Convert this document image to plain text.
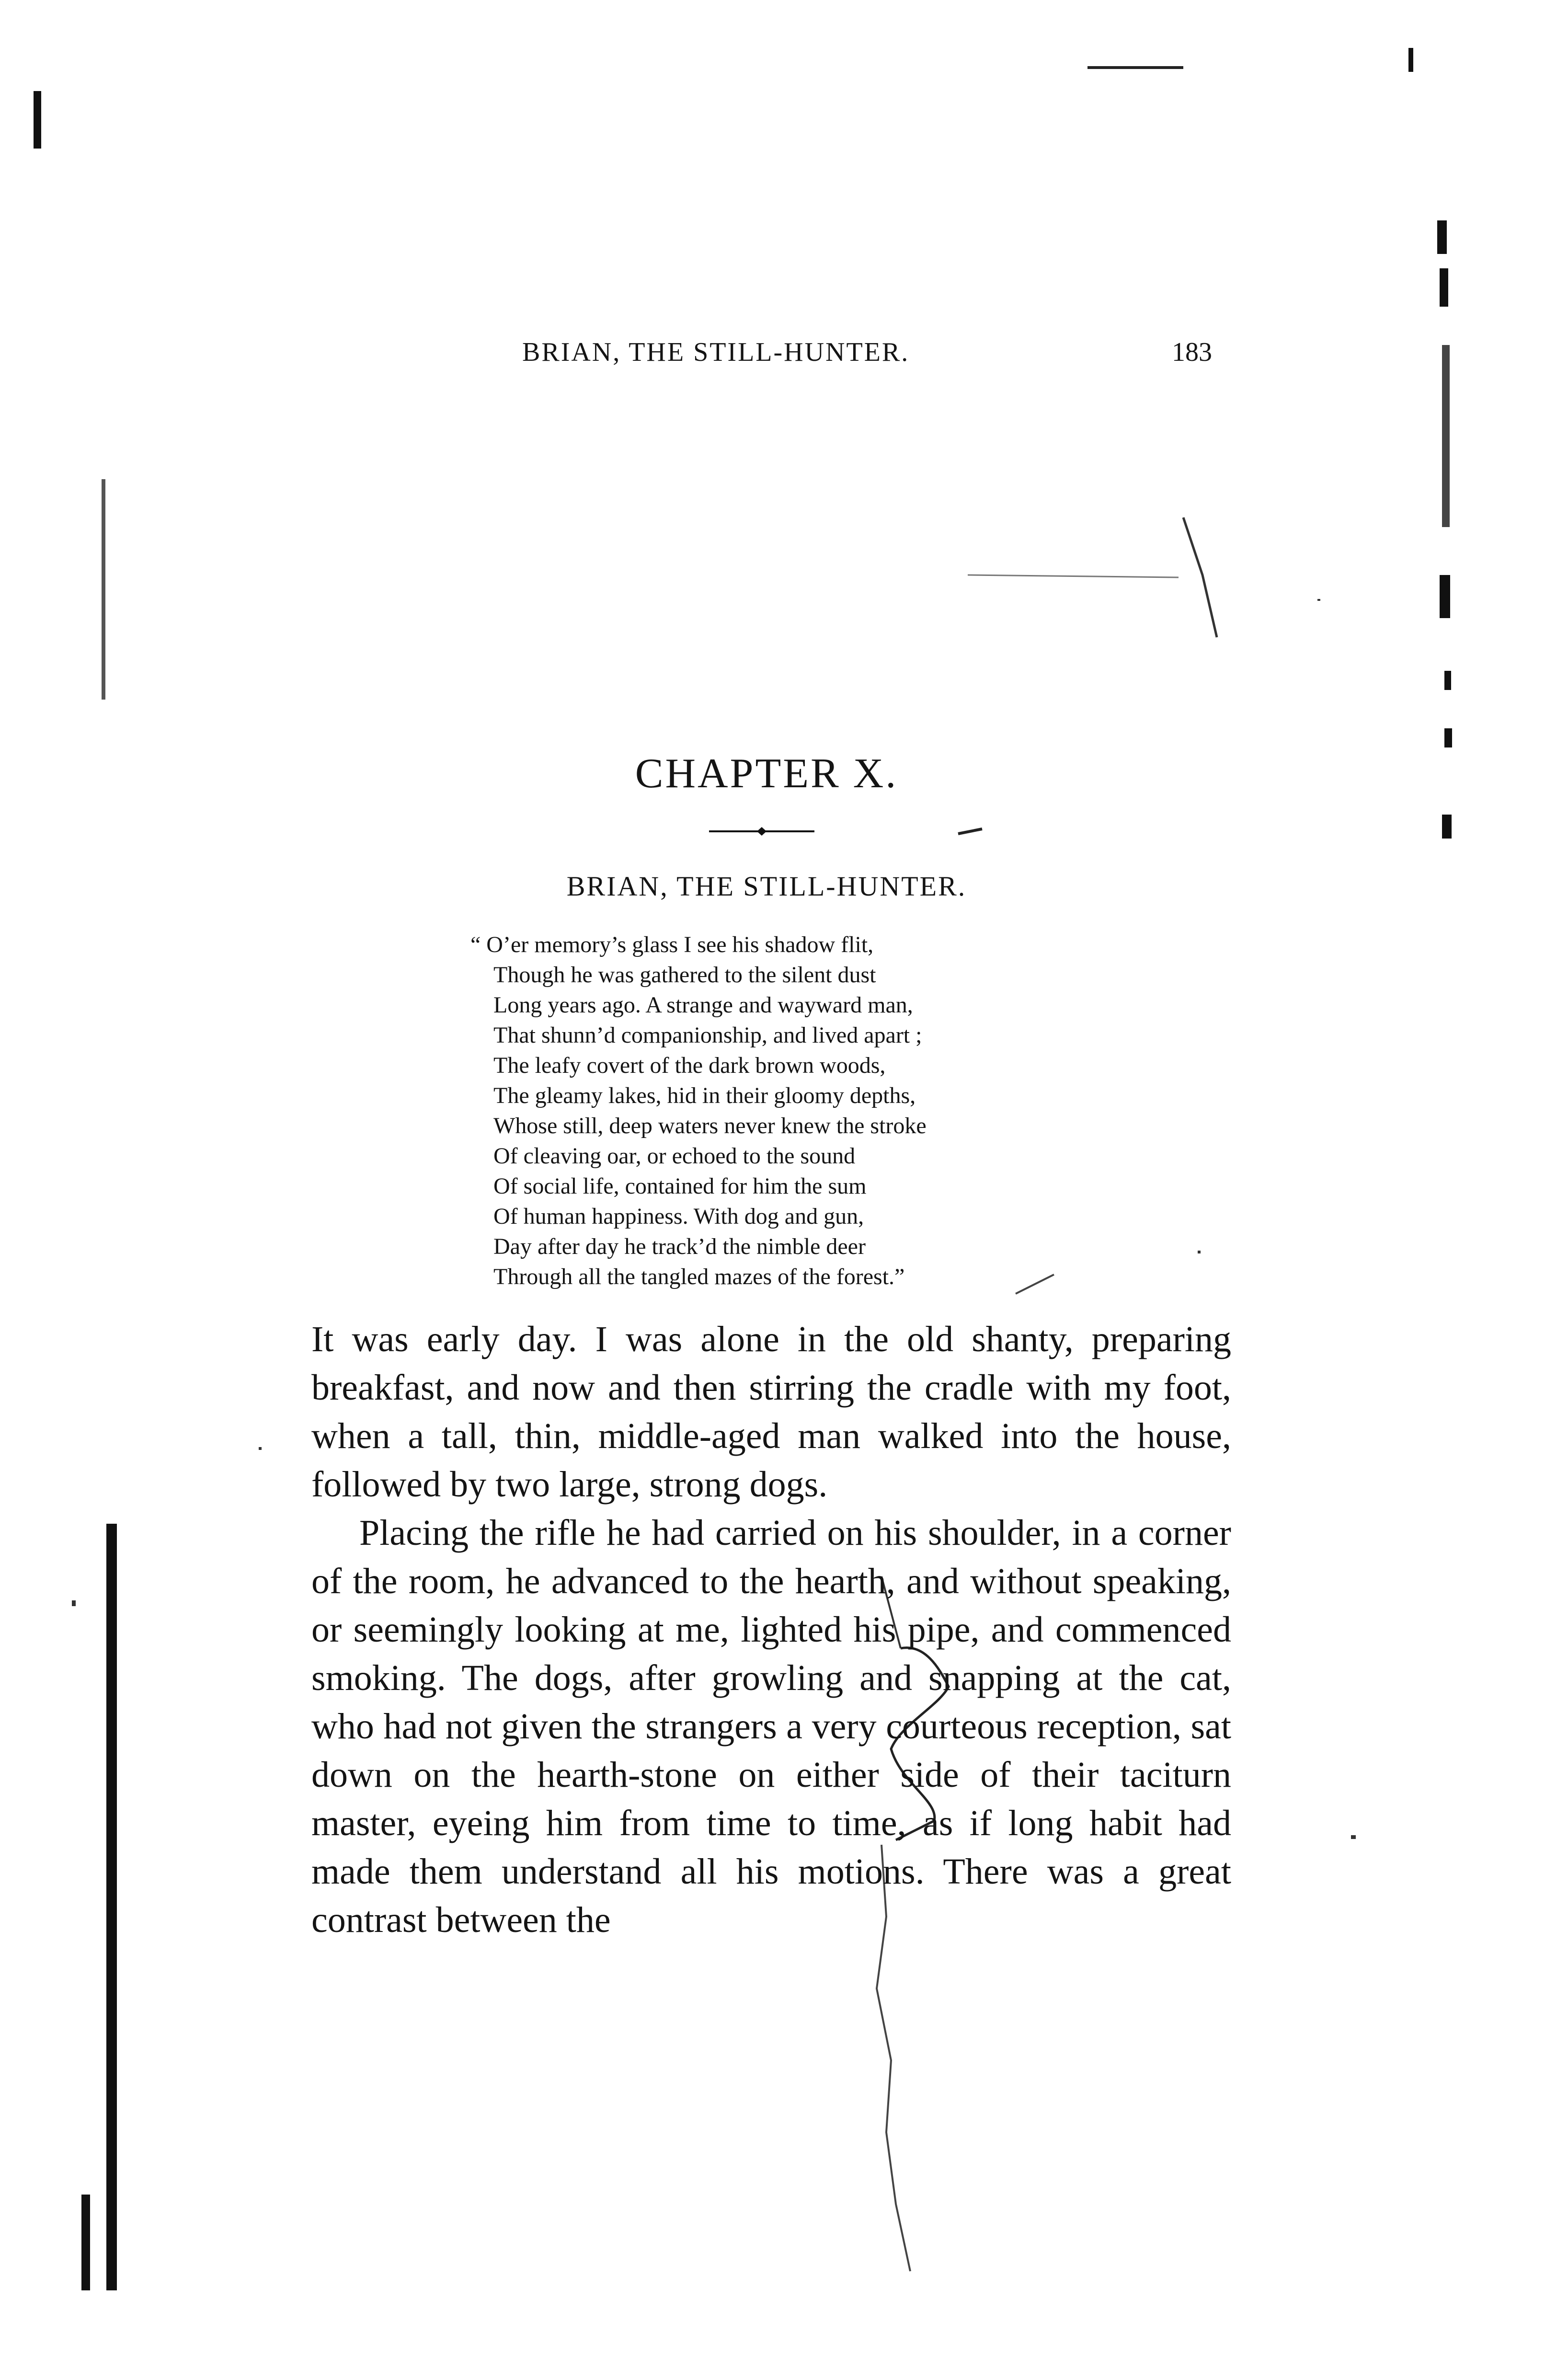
BRIAN, THE STILL-HUNTER.	183
CHAPTER X.
BRIAN, THE STILL-HUNTER.
“ O’er memory’s glass I see his shadow flit,
Though he was gathered to the silent dust
Long years ago. A strange and wayward man,
That shunn’d companionship, and lived apart ;
The leafy covert of the dark brown woods,
The gleamy lakes, hid in their gloomy depths,
Whose still, deep waters never knew the stroke
Of cleaving oar, or echoed to the sound
Of social life, contained for him the sum
Of human happiness. With dog and gun,
Day after day he track’d the nimble deer
Through all the tangled mazes of the forest.”

It was early day. I was alone in the old shanty, preparing breakfast, and now and then stirring the cradle with my foot, when a tall, thin, middle-aged man walked into the house, followed by two large, strong dogs.

Placing the rifle he had carried on his shoulder, in a corner of the room, he advanced to the hearth, and without speaking, or seemingly looking at me, lighted his pipe, and commenced smoking. The dogs, after growling and snapping at the cat, who had not given the strangers a very courteous reception, sat down on the hearth-stone on either side of their taciturn master, eyeing him from time to time, as if long habit had made them understand all his motions. There was a great contrast between the
